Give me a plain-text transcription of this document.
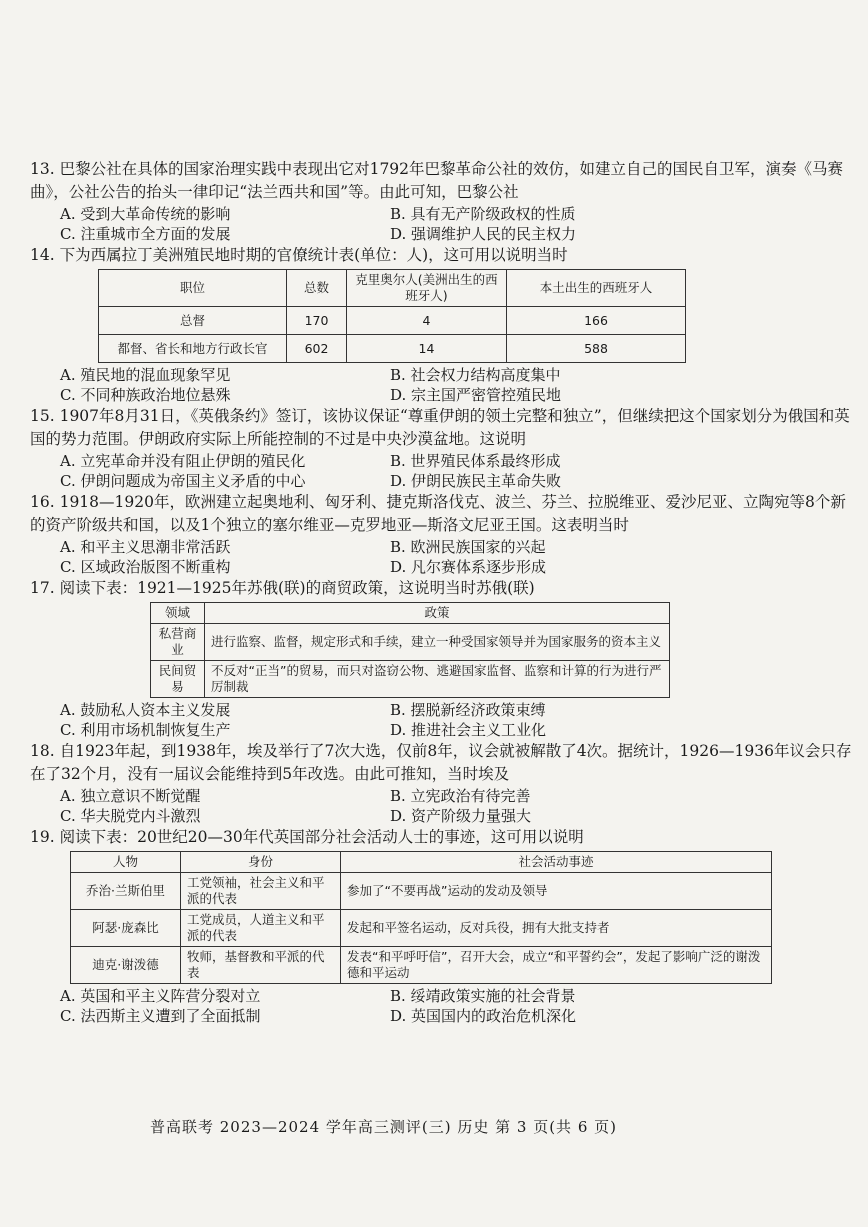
13. 巴黎公社在具体的国家治理实践中表现出它对1792年巴黎革命公社的效仿，如建立自己的国民自卫军，演奏《马赛曲》，公社公告的抬头一律印记“法兰西共和国”等。由此可知，巴黎公社

A. 受到大革命传统的影响	B. 具有无产阶级政权的性质
C. 注重城市全方面的发展	D. 强调维护人民的民主权力

14. 下为西属拉丁美洲殖民地时期的官僚统计表(单位：人)，这可用以说明当时

职位	总数	克里奥尔人(美洲出生的西班牙人)	本土出生的西班牙人
总督	170	4	166
都督、省长和地方行政长官	602	14	588
A. 殖民地的混血现象罕见	B. 社会权力结构高度集中
C. 不同种族政治地位悬殊	D. 宗主国严密管控殖民地

15. 1907年8月31日，《英俄条约》签订，该协议保证“尊重伊朗的领土完整和独立”，但继续把这个国家划分为俄国和英国的势力范围。伊朗政府实际上所能控制的不过是中央沙漠盆地。这说明

A. 立宪革命并没有阻止伊朗的殖民化	B. 世界殖民体系最终形成
C. 伊朗问题成为帝国主义矛盾的中心	D. 伊朗民族民主革命失败

16. 1918—1920年，欧洲建立起奥地利、匈牙利、捷克斯洛伐克、波兰、芬兰、拉脱维亚、爱沙尼亚、立陶宛等8个新的资产阶级共和国，以及1个独立的塞尔维亚—克罗地亚—斯洛文尼亚王国。这表明当时

A. 和平主义思潮非常活跃	B. 欧洲民族国家的兴起
C. 区域政治版图不断重构	D. 凡尔赛体系逐步形成

17. 阅读下表：1921—1925年苏俄(联)的商贸政策，这说明当时苏俄(联)

领域	政策
私营商业	进行监察、监督，规定形式和手续，建立一种受国家领导并为国家服务的资本主义
民间贸易	不反对“正当”的贸易，而只对盗窃公物、逃避国家监督、监察和计算的行为进行严厉制裁
A. 鼓励私人资本主义发展	B. 摆脱新经济政策束缚
C. 利用市场机制恢复生产	D. 推进社会主义工业化

18. 自1923年起，到1938年，埃及举行了7次大选，仅前8年，议会就被解散了4次。据统计，1926—1936年议会只存在了32个月，没有一届议会能维持到5年改选。由此可推知，当时埃及

A. 独立意识不断觉醒	B. 立宪政治有待完善
C. 华夫脱党内斗激烈	D. 资产阶级力量强大

19. 阅读下表：20世纪20—30年代英国部分社会活动人士的事迹，这可用以说明

人物	身份	社会活动事迹
乔治·兰斯伯里	工党领袖，社会主义和平派的代表	参加了“不要再战”运动的发动及领导
阿瑟·庞森比	工党成员，人道主义和平派的代表	发起和平签名运动，反对兵役，拥有大批支持者
迪克·谢泼德	牧师，基督教和平派的代表	发表“和平呼吁信”，召开大会，成立“和平誓约会”，发起了影响广泛的谢泼德和平运动
A. 英国和平主义阵营分裂对立	B. 绥靖政策实施的社会背景
C. 法西斯主义遭到了全面抵制	D. 英国国内的政治危机深化
普高联考 2023—2024 学年高三测评(三) 历史 第 3 页(共 6 页)
